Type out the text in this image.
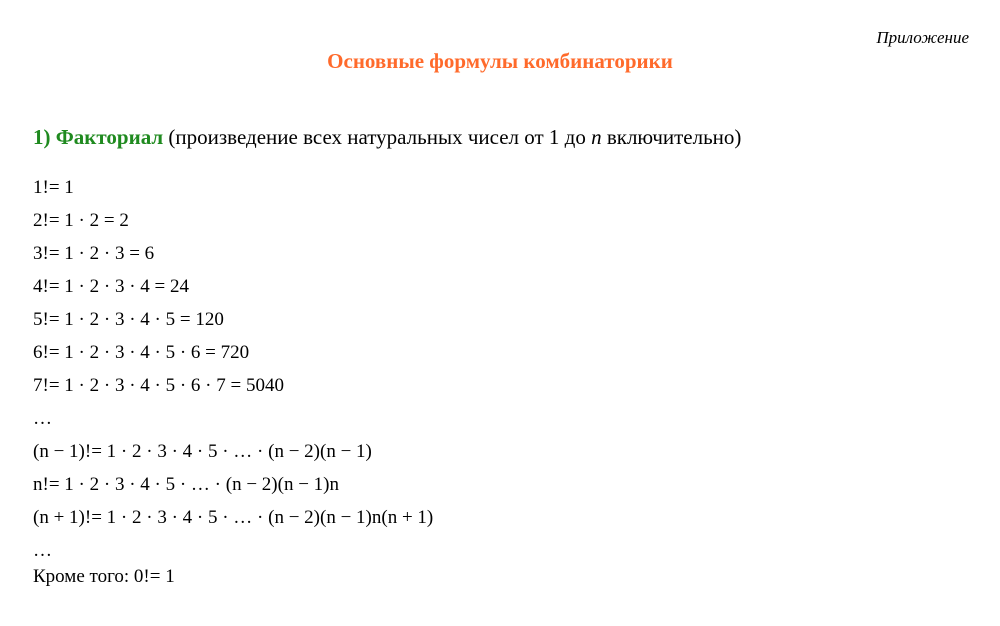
Приложение
Основные формулы комбинаторики
1) Факториал (произведение всех натуральных чисел от 1 до n включительно)
1!= 1
2!= 1 · 2 = 2
3!= 1 · 2 · 3 = 6
4!= 1 · 2 · 3 · 4 = 24
5!= 1 · 2 · 3 · 4 · 5 = 120
6!= 1 · 2 · 3 · 4 · 5 · 6 = 720
7!= 1 · 2 · 3 · 4 · 5 · 6 · 7 = 5040
…
(n − 1)!= 1 · 2 · 3 · 4 · 5 · … · (n − 2)(n − 1)
n!= 1 · 2 · 3 · 4 · 5 · … · (n − 2)(n − 1)n
(n + 1)!= 1 · 2 · 3 · 4 · 5 · … · (n − 2)(n − 1)n(n + 1)
…
Кроме того: 0!= 1
